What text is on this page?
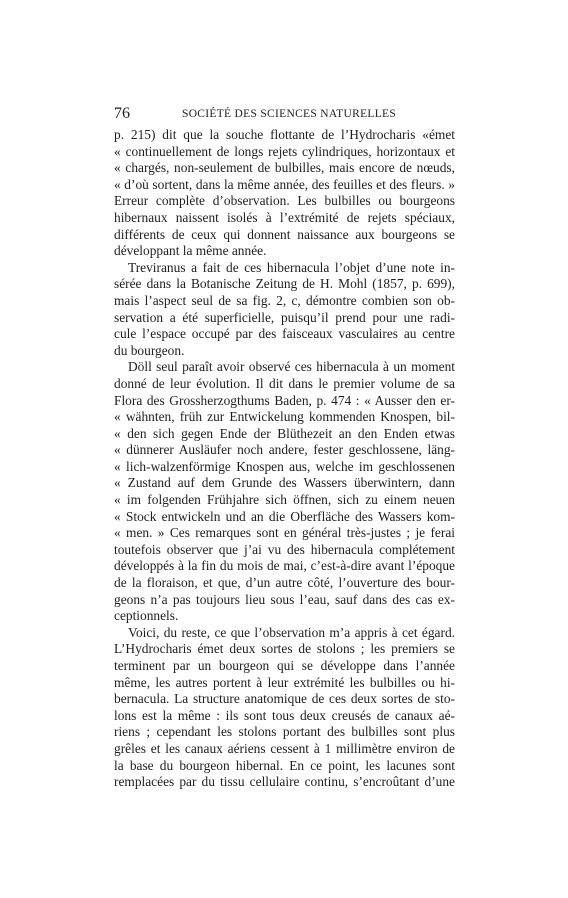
76	SOCIÉTÉ DES SCIENCES NATURELLES
p. 215) dit que la souche flottante de l’Hydrocharis «émet
« continuellement de longs rejets cylindriques, horizontaux et
« chargés, non-seulement de bulbilles, mais encore de nœuds,
« d’où sortent, dans la même année, des feuilles et des fleurs. »
Erreur complète d’observation. Les bulbilles ou bourgeons
hibernaux naissent isolés à l’extrémité de rejets spéciaux,
différents de ceux qui donnent naissance aux bourgeons se
développant la même année.
Treviranus a fait de ces hibernacula l’objet d’une note in-
sérée dans la Botanische Zeitung de H. Mohl (1857, p. 699),
mais l’aspect seul de sa fig. 2, c, démontre combien son ob-
servation a été superficielle, puisqu’il prend pour une radi-
cule l’espace occupé par des faisceaux vasculaires au centre
du bourgeon.
Döll seul paraît avoir observé ces hibernacula à un moment
donné de leur évolution. Il dit dans le premier volume de sa
Flora des Grossherzogthums Baden, p. 474 : « Ausser den er-
« wähnten, früh zur Entwickelung kommenden Knospen, bil-
« den sich gegen Ende der Blüthezeit an den Enden etwas
« dünnerer Ausläufer noch andere, fester geschlossene, läng-
« lich-walzenförmige Knospen aus, welche im geschlossenen
« Zustand auf dem Grunde des Wassers überwintern, dann
« im folgenden Frühjahre sich öffnen, sich zu einem neuen
« Stock entwickeln und an die Oberfläche des Wassers kom-
« men. » Ces remarques sont en général très-justes ; je ferai
toutefois observer que j’ai vu des hibernacula complétement
développés à la fin du mois de mai, c’est-à-dire avant l’époque
de la floraison, et que, d’un autre côté, l’ouverture des bour-
geons n’a pas toujours lieu sous l’eau, sauf dans des cas ex-
ceptionnels.
Voici, du reste, ce que l’observation m’a appris à cet égard.
L’Hydrocharis émet deux sortes de stolons ; les premiers se
terminent par un bourgeon qui se développe dans l’année
même, les autres portent à leur extrémité les bulbilles ou hi-
bernacula. La structure anatomique de ces deux sortes de sto-
lons est la même : ils sont tous deux creusés de canaux aé-
riens ; cependant les stolons portant des bulbilles sont plus
grêles et les canaux aériens cessent à 1 millimètre environ de
la base du bourgeon hibernal. En ce point, les lacunes sont
remplacées par du tissu cellulaire continu, s’encroûtant d’une
